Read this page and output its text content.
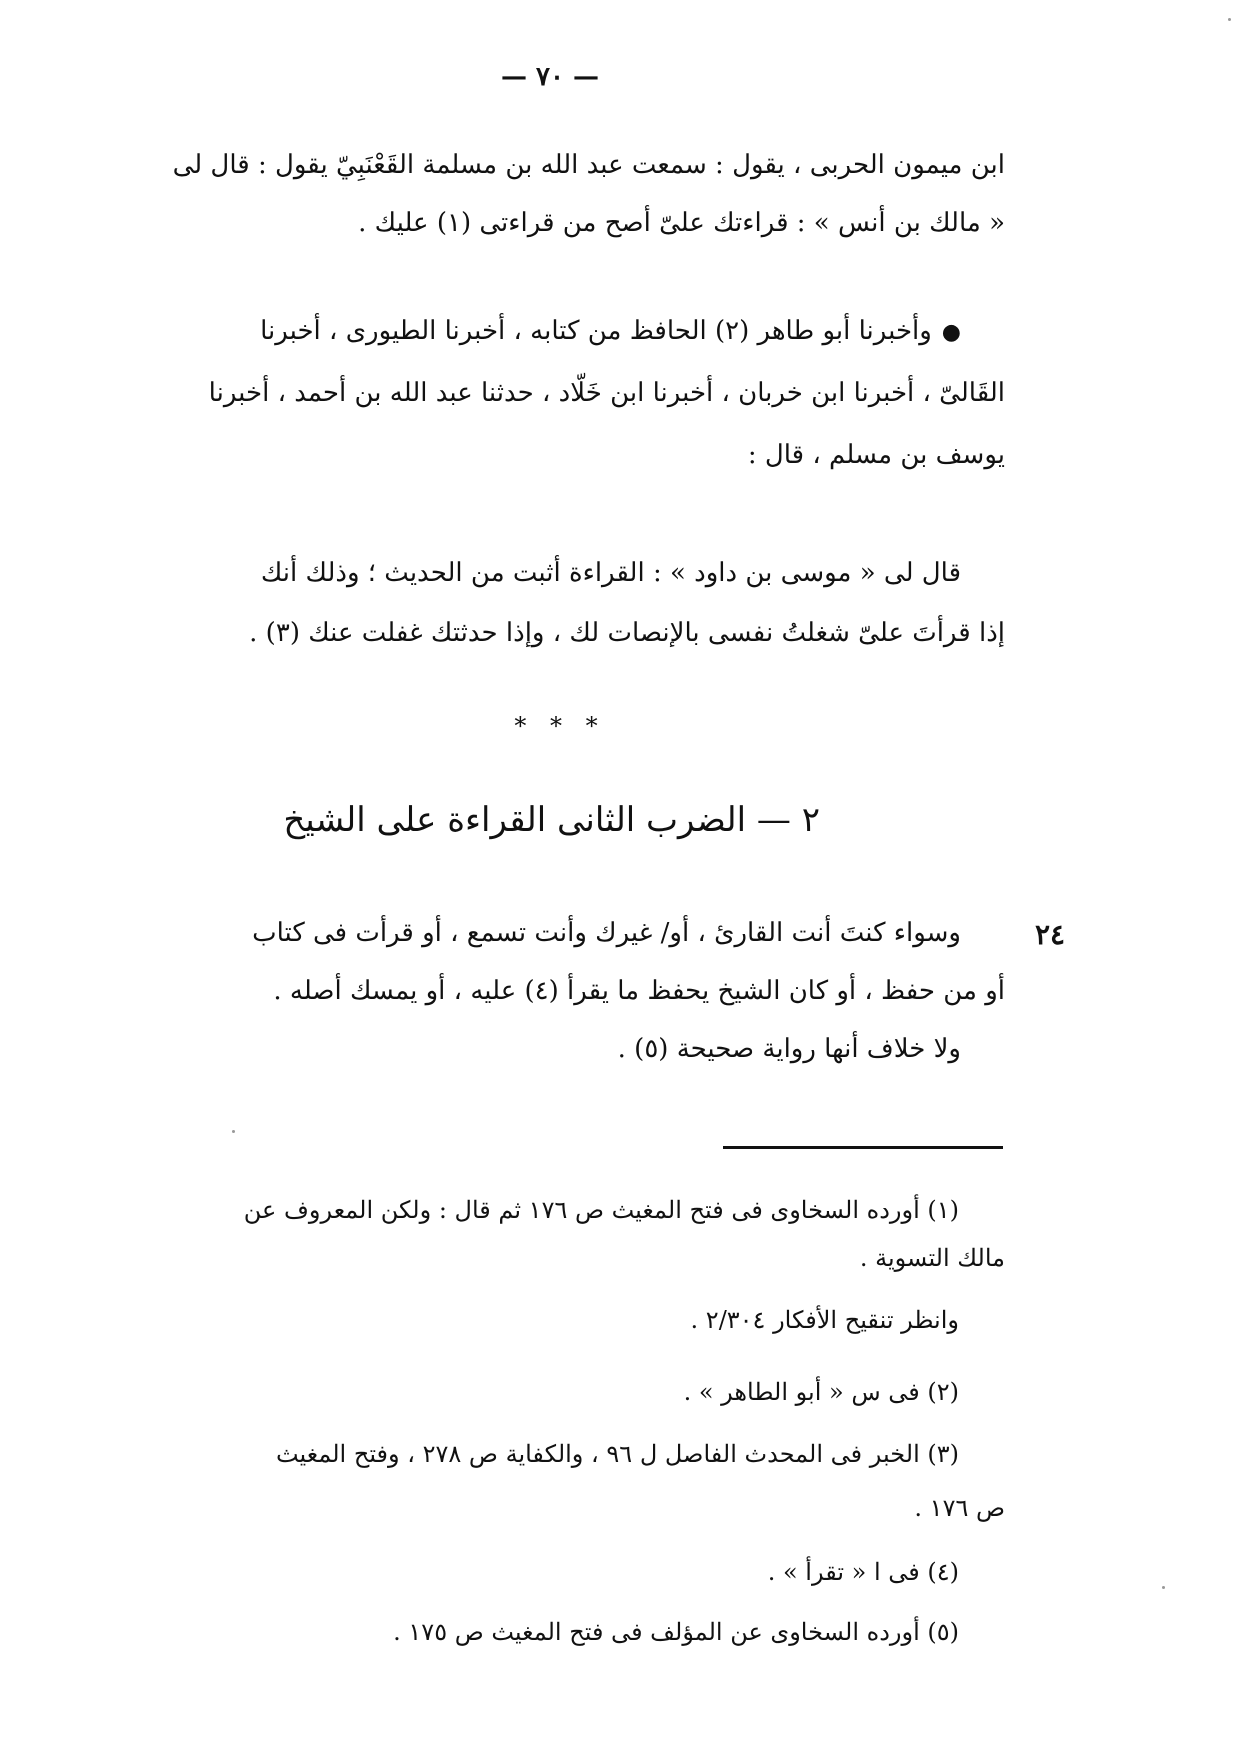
— ٧٠ —
ابن ميمون الحربى ، يقول : سمعت عبد الله بن مسلمة القَعْنَبِيّ يقول : قال لى
« مالك بن أنس » : قراءتك علىّ أصح من قراءتى (١) عليك .
●وأخبرنا أبو طاهر (٢) الحافظ من كتابه ، أخبرنا الطيورى ، أخبرنا
القَالىّ ، أخبرنا ابن خربان ، أخبرنا ابن خَلّاد ، حدثنا عبد الله بن أحمد ، أخبرنا
يوسف بن مسلم ، قال :
قال لى « موسى بن داود » : القراءة أثبت من الحديث ؛ وذلك أنك
إذا قرأتَ علىّ شغلتُ نفسى بالإنصات لك ، وإذا حدثتك غفلت عنك (٣) .
* * *
٢ — الضرب الثانى القراءة على الشيخ
٢٤
وسواء كنتَ أنت القارئ ، أو/ غيرك وأنت تسمع ، أو قرأت فى كتاب
أو من حفظ ، أو كان الشيخ يحفظ ما يقرأ (٤) عليه ، أو يمسك أصله .
ولا خلاف أنها رواية صحيحة (٥) .
(١) أورده السخاوى فى فتح المغيث ص ١٧٦ ثم قال : ولكن المعروف عن
مالك التسوية .
وانظر تنقيح الأفكار ٢/٣٠٤ .
(٢) فى س « أبو الطاهر » .
(٣) الخبر فى المحدث الفاصل ل ٩٦ ، والكفاية ص ٢٧٨ ، وفتح المغيث
ص ١٧٦ .
(٤) فى ا « تقرأ » .
(٥) أورده السخاوى عن المؤلف فى فتح المغيث ص ١٧٥ .
